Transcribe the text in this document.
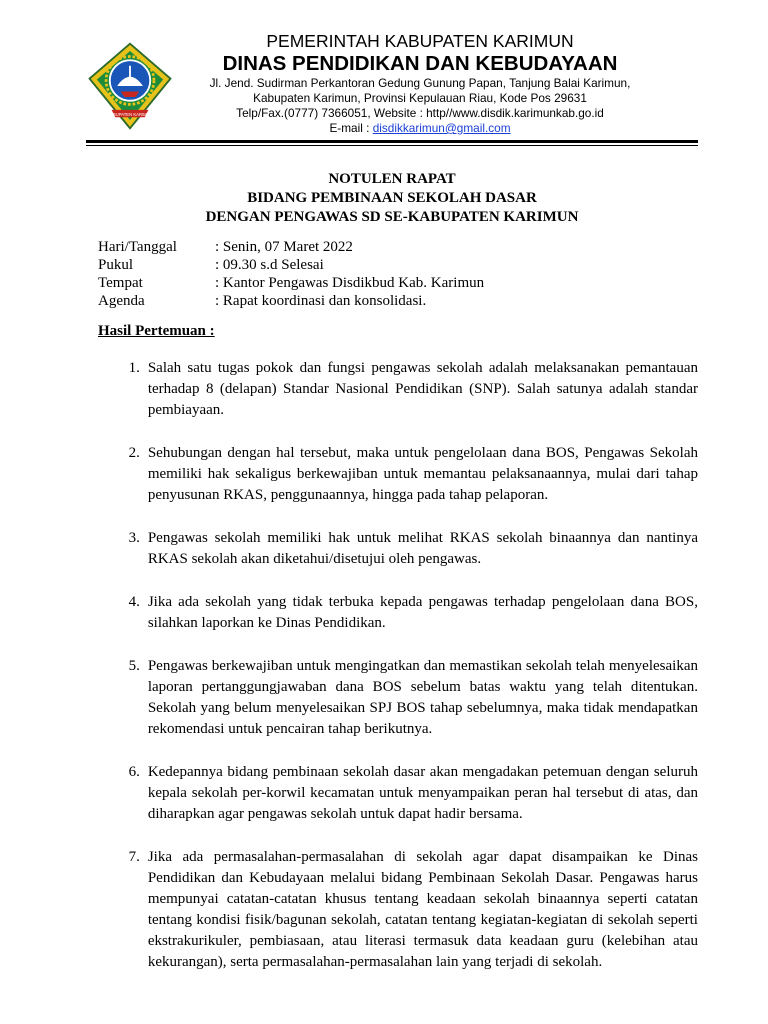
KABUPATEN KARIMUN
PEMERINTAH KABUPATEN KARIMUN
DINAS PENDIDIKAN DAN KEBUDAYAAN
Jl. Jend. Sudirman Perkantoran Gedung Gunung Papan, Tanjung Balai Karimun,
Kabupaten Karimun, Provinsi Kepulauan Riau, Kode Pos 29631
Telp/Fax.(0777) 7366051, Website : http//www.disdik.karimunkab.go.id
E-mail : disdikkarimun@gmail.com
NOTULEN RAPAT
BIDANG PEMBINAAN SEKOLAH DASAR
DENGAN PENGAWAS SD SE-KABUPATEN KARIMUN
Hari/Tanggal	: Senin, 07 Maret 2022
Pukul	: 09.30 s.d Selesai
Tempat	: Kantor Pengawas Disdikbud Kab. Karimun
Agenda	: Rapat koordinasi dan konsolidasi.
Hasil Pertemuan :
1. Salah satu tugas pokok dan fungsi pengawas sekolah adalah melaksanakan pemantauan terhadap 8 (delapan) Standar Nasional Pendidikan (SNP). Salah satunya adalah standar pembiayaan.
2. Sehubungan dengan hal tersebut, maka untuk pengelolaan dana BOS, Pengawas Sekolah memiliki hak sekaligus berkewajiban untuk memantau pelaksanaannya, mulai dari tahap penyusunan RKAS, penggunaannya, hingga pada tahap pelaporan.
3. Pengawas sekolah memiliki hak untuk melihat RKAS sekolah binaannya dan nantinya RKAS sekolah akan diketahui/disetujui oleh pengawas.
4. Jika ada sekolah yang tidak terbuka kepada pengawas terhadap pengelolaan dana BOS, silahkan laporkan ke Dinas Pendidikan.
5. Pengawas berkewajiban untuk mengingatkan dan memastikan sekolah telah menyelesaikan laporan pertanggungjawaban dana BOS sebelum batas waktu yang telah ditentukan. Sekolah yang belum menyelesaikan SPJ BOS tahap sebelumnya, maka tidak mendapatkan rekomendasi untuk pencairan tahap berikutnya.
6. Kedepannya bidang pembinaan sekolah dasar akan mengadakan petemuan dengan seluruh kepala sekolah per-korwil kecamatan untuk menyampaikan peran hal tersebut di atas, dan diharapkan agar pengawas sekolah untuk dapat hadir bersama.
7. Jika ada permasalahan-permasalahan di sekolah agar dapat disampaikan ke Dinas Pendidikan dan Kebudayaan melalui bidang Pembinaan Sekolah Dasar. Pengawas harus mempunyai catatan-catatan khusus tentang keadaan sekolah binaannya seperti catatan tentang kondisi fisik/bagunan sekolah, catatan tentang kegiatan-kegiatan di sekolah seperti ekstrakurikuler, pembiasaan, atau literasi termasuk data keadaan guru (kelebihan atau kekurangan), serta permasalahan-permasalahan lain yang terjadi di sekolah.
